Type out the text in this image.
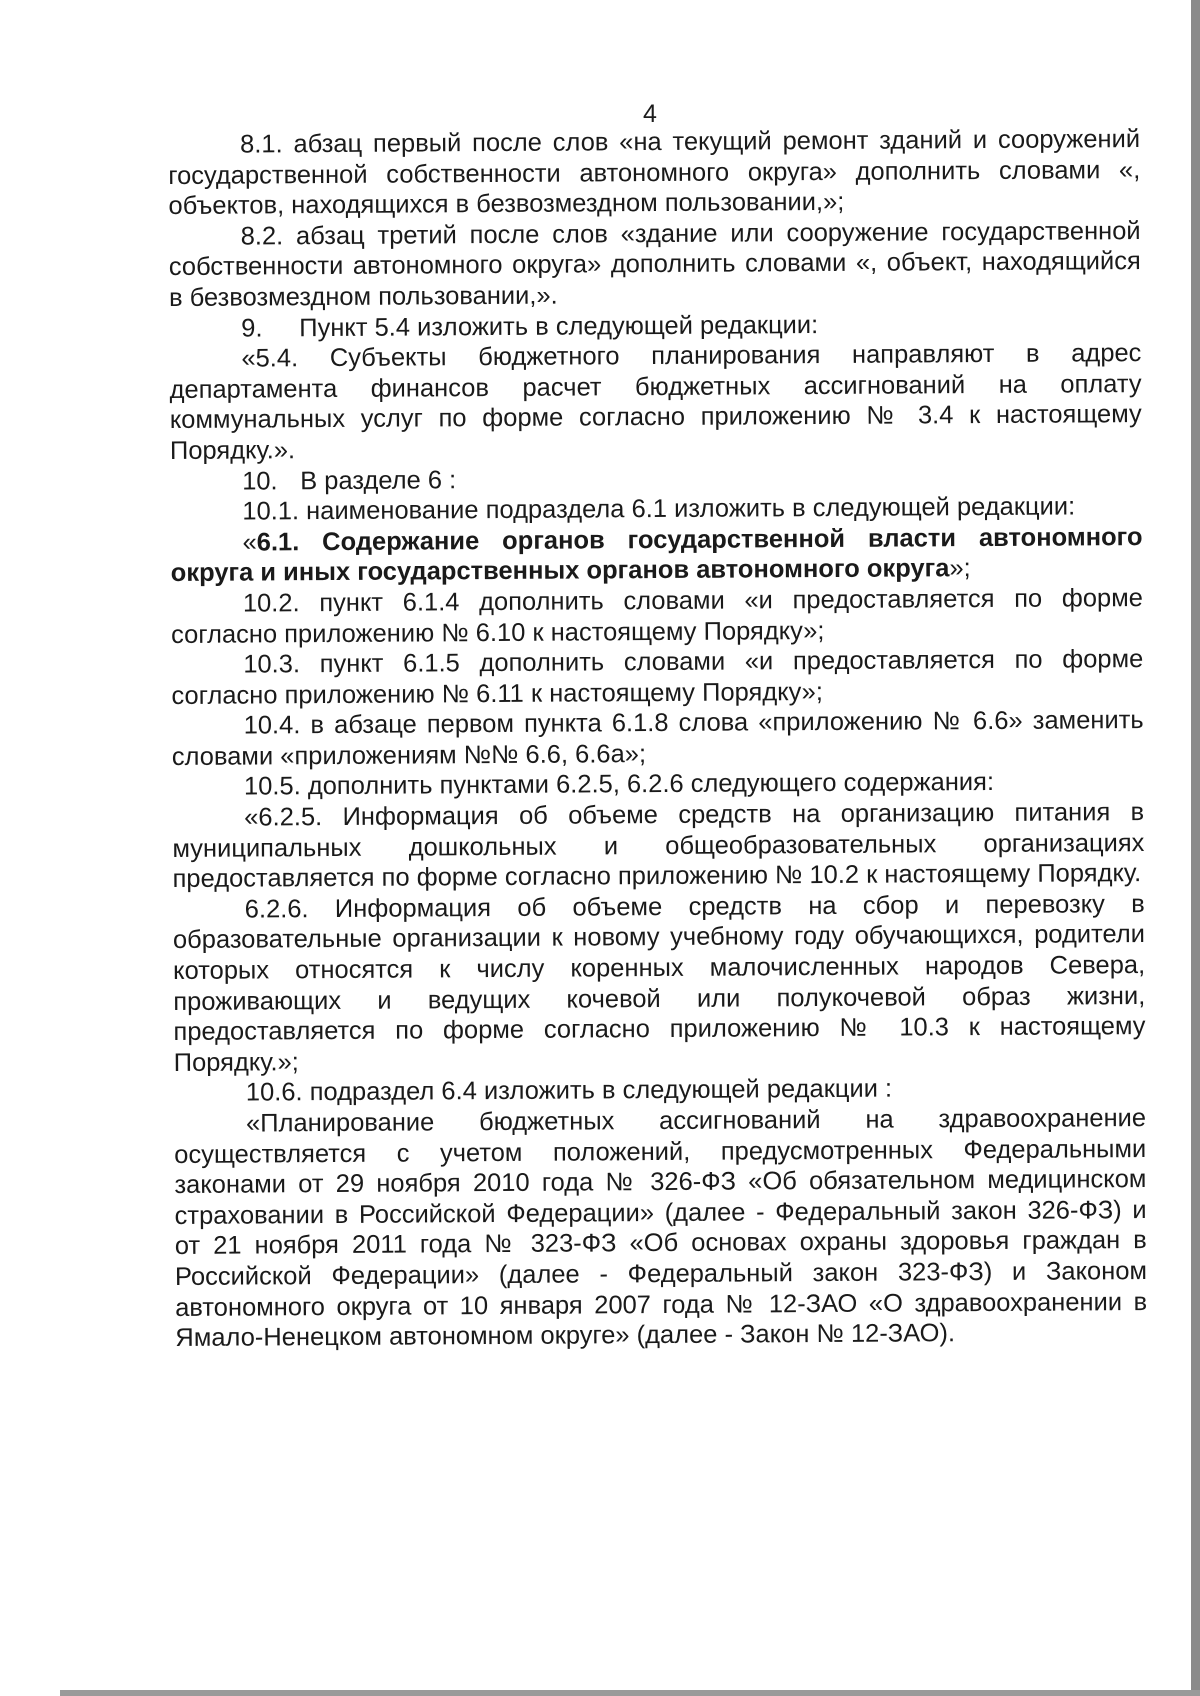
4

8.1. абзац первый после слов «на текущий ремонт зданий и сооружений государственной собственности автономного округа» дополнить словами «, объектов, находящихся в безвозмездном пользовании,»;

8.2. абзац третий после слов «здание или сооружение государственной собственности автономного округа» дополнить словами «, объект, находящийся в безвозмездном пользовании,».

9. Пункт 5.4 изложить в следующей редакции:

«5.4. Субъекты бюджетного планирования направляют в адрес департамента финансов расчет бюджетных ассигнований на оплату коммунальных услуг по форме согласно приложению № 3.4 к настоящему Порядку.».

10. В разделе 6 :

10.1. наименование подраздела 6.1 изложить в следующей редакции:

«6.1. Содержание органов государственной власти автономного округа и иных государственных органов автономного округа»;

10.2. пункт 6.1.4 дополнить словами «и предоставляется по форме согласно приложению № 6.10 к настоящему Порядку»;

10.3. пункт 6.1.5 дополнить словами «и предоставляется по форме согласно приложению № 6.11 к настоящему Порядку»;

10.4. в абзаце первом пункта 6.1.8 слова «приложению № 6.6» заменить словами «приложениям №№ 6.6, 6.6а»;

10.5. дополнить пунктами 6.2.5, 6.2.6 следующего содержания:

«6.2.5. Информация об объеме средств на организацию питания в муниципальных дошкольных и общеобразовательных организациях предоставляется по форме согласно приложению № 10.2 к настоящему Порядку.

6.2.6. Информация об объеме средств на сбор и перевозку в образовательные организации к новому учебному году обучающихся, родители которых относятся к числу коренных малочисленных народов Севера, проживающих и ведущих кочевой или полукочевой образ жизни, предоставляется по форме согласно приложению № 10.3 к настоящему Порядку.»;

10.6. подраздел 6.4 изложить в следующей редакции :

«Планирование бюджетных ассигнований на здравоохранение осуществляется с учетом положений, предусмотренных Федеральными законами от 29 ноября 2010 года № 326-ФЗ «Об обязательном медицинском страховании в Российской Федерации» (далее - Федеральный закон 326-ФЗ) и от 21 ноября 2011 года № 323-ФЗ «Об основах охраны здоровья граждан в Российской Федерации» (далее - Федеральный закон 323-ФЗ) и Законом автономного округа от 10 января 2007 года № 12-ЗАО «О здравоохранении в Ямало-Ненецком автономном округе» (далее - Закон № 12-ЗАО).
